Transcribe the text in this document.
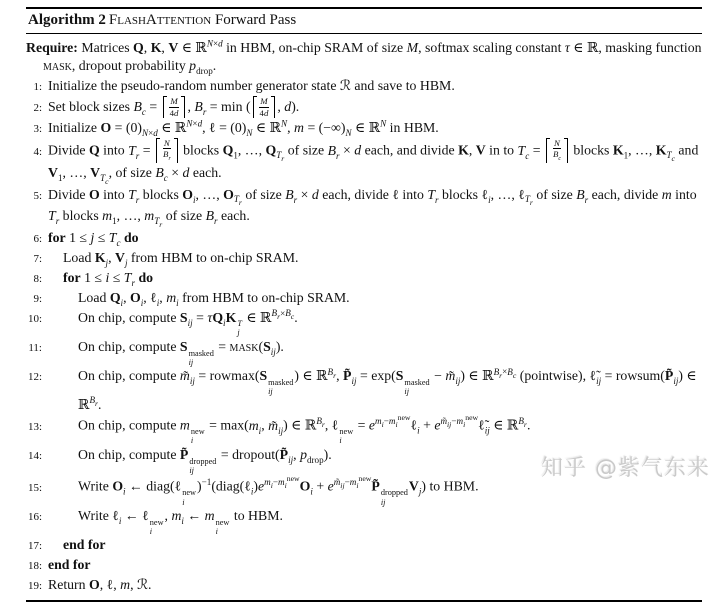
Algorithm 2 FlashAttention Forward Pass
Require: Matrices Q, K, V ∈ ℝ$^{N\times d}$ in HBM, on-chip SRAM of size M, softmax scaling constant τ ∈ ℝ, masking function mask, dropout probability $p_{drop}$.
1: Initialize the pseudo-random number generator state ℛ and save to HBM.
2: Set block sizes $B_c = M$
4d , $B_r = \min$ ( M
4d , d).
3: Initialize $O = (0)_{N\times d}$ ∈ ℝ$^{N\times d}$, ℓ = $(0)_N$ ∈ ℝ$^N$, $m = (-\infty)_N$ ∈ ℝ$^N$ in HBM.
4: Divide Q into $T_r = N$
$B_r$
blocks $Q_1$, …, $Q_{T_r}$ of size $B_r \times d$ each, and divide K, V in to $T_c = N$
$B_c$
blocks $K_1$, …, $K_{T_c}$ and $V_1$, …, $V_{T_c}$, of size $B_c \times d$ each.
5: Divide O into $T_r$ blocks $O_i$, …, $O_{T_r}$ of size $B_r \times d$ each, divide ℓ into $T_r$ blocks ℓ$_i$, …, ℓ$_{T_r}$ of size $B_r$ each, divide m into $T_r$ blocks $m_1$, …, $m_{T_r}$ of size $B_r$ each.
6: for $1 \le j \le T_c$ do
7:	Load $K_j$, $V_j$ from HBM to on-chip SRAM.
8:	for $1 \le i \le T_r$ do
9:	Load $Q_i$, $O_i$, ℓ$_i$, $m_i$ from HBM to on-chip SRAM.
10:	On chip, compute $S_{ij} = \tau Q_iK$ T
j
∈ ℝ$^{B_r\times B_c}$.
11:	On chip, compute S masked
ij
= $mask(S_{ij})$.
12:	On chip, compute $m̃_{ij} = rowmax(S$ masked
ij
) ∈ ℝ$^{B_r}$, $P̃_{ij} = \exp(S$ masked
ij
− $m̃_{ij}$) ∈ ℝ$^{B_r\times B_c}$ (pointwise), $\ell̃_{ij}$ = $rowsum(P̃_{ij})$ ∈ ℝ$^{B_r}$.
13:	On chip, compute m new
i
= $\max(m_i$, $m̃_{ij}$) ∈ ℝ$^{B_r}$, ℓ new
i
= $e^{m_i-m_i^{new}}\ell_i$ + $e^{m̃_{ij}-m_i^{new}}\ell̃_{ij}$ ∈ ℝ$^{B_r}$.
14:	On chip, compute P̃ dropped
ij
= $dropout(P̃_{ij}$, $p_{drop}$).
15:	Write $O_i$ ← diag(ℓ new
i
)$^{-1}(diag(\ell_i)e^{m_i-m_i^{new}}O_i$ + $e^{m̃_{ij}-m_i^{new}}P̃$ dropped
ij
$V_j$) to HBM.
16:	Write ℓ$_i$ ← ℓ new
i
, $m_i$ ← m new
i
to HBM.
17:	end for
18: end for
19: Return O, ℓ, m, ℛ.
知乎 @紫气东来
